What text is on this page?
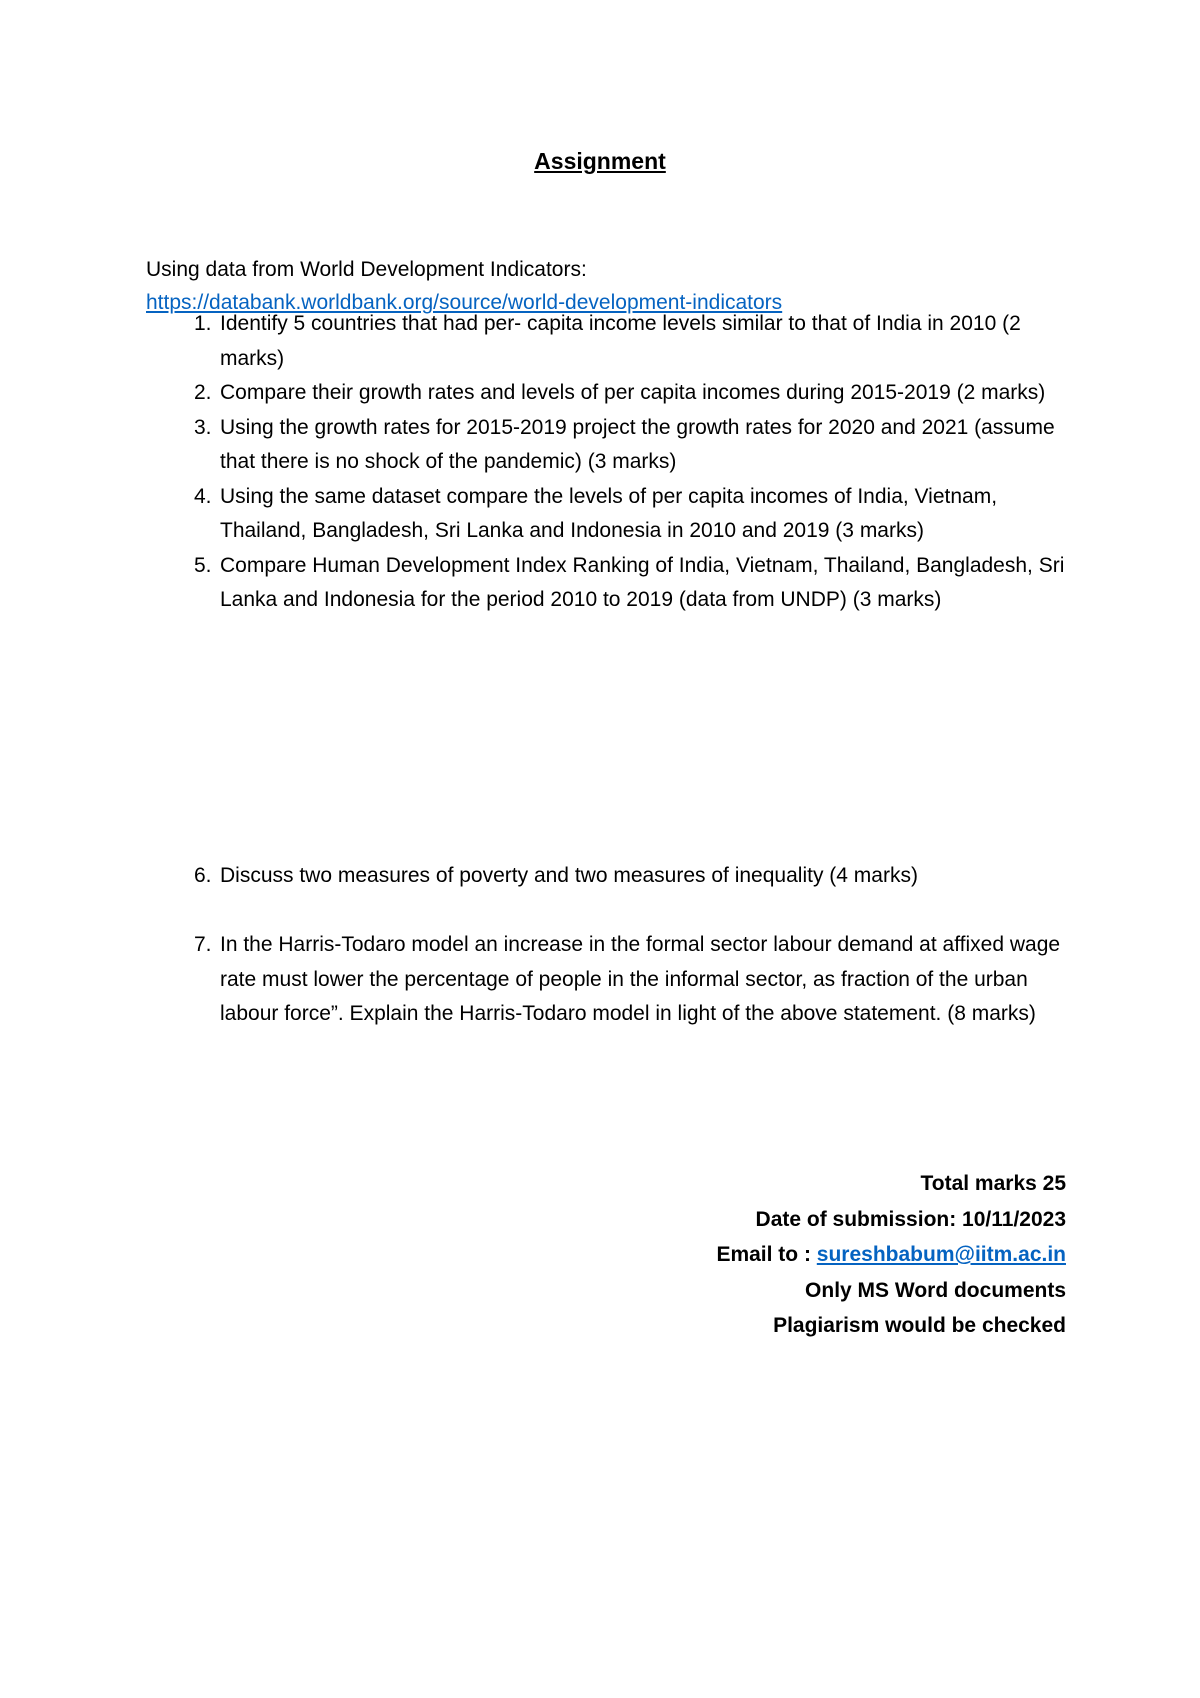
Assignment
Using data from World Development Indicators:
https://databank.worldbank.org/source/world-development-indicators
1. Identify 5 countries that had per- capita income levels similar to that of India in 2010 (2 marks)
2. Compare their growth rates and levels of per capita incomes during 2015-2019 (2 marks)
3. Using the growth rates for 2015-2019 project the growth rates for 2020 and 2021 (assume that there is no shock of the pandemic) (3 marks)
4. Using the same dataset compare the levels of per capita incomes of India, Vietnam, Thailand, Bangladesh, Sri Lanka and Indonesia in 2010 and 2019 (3 marks)
5. Compare Human Development Index Ranking of India, Vietnam, Thailand, Bangladesh, Sri Lanka and Indonesia for the period 2010 to 2019 (data from UNDP) (3 marks)
6. Discuss two measures of poverty and two measures of inequality (4 marks)
7. In the Harris-Todaro model an increase in the formal sector labour demand at affixed wage rate must lower the percentage of people in the informal sector, as fraction of the urban labour force”. Explain the Harris-Todaro model in light of the above statement. (8 marks)
Total marks 25
Date of submission: 10/11/2023
Email to : sureshbabum@iitm.ac.in
Only MS Word documents
Plagiarism would be checked
